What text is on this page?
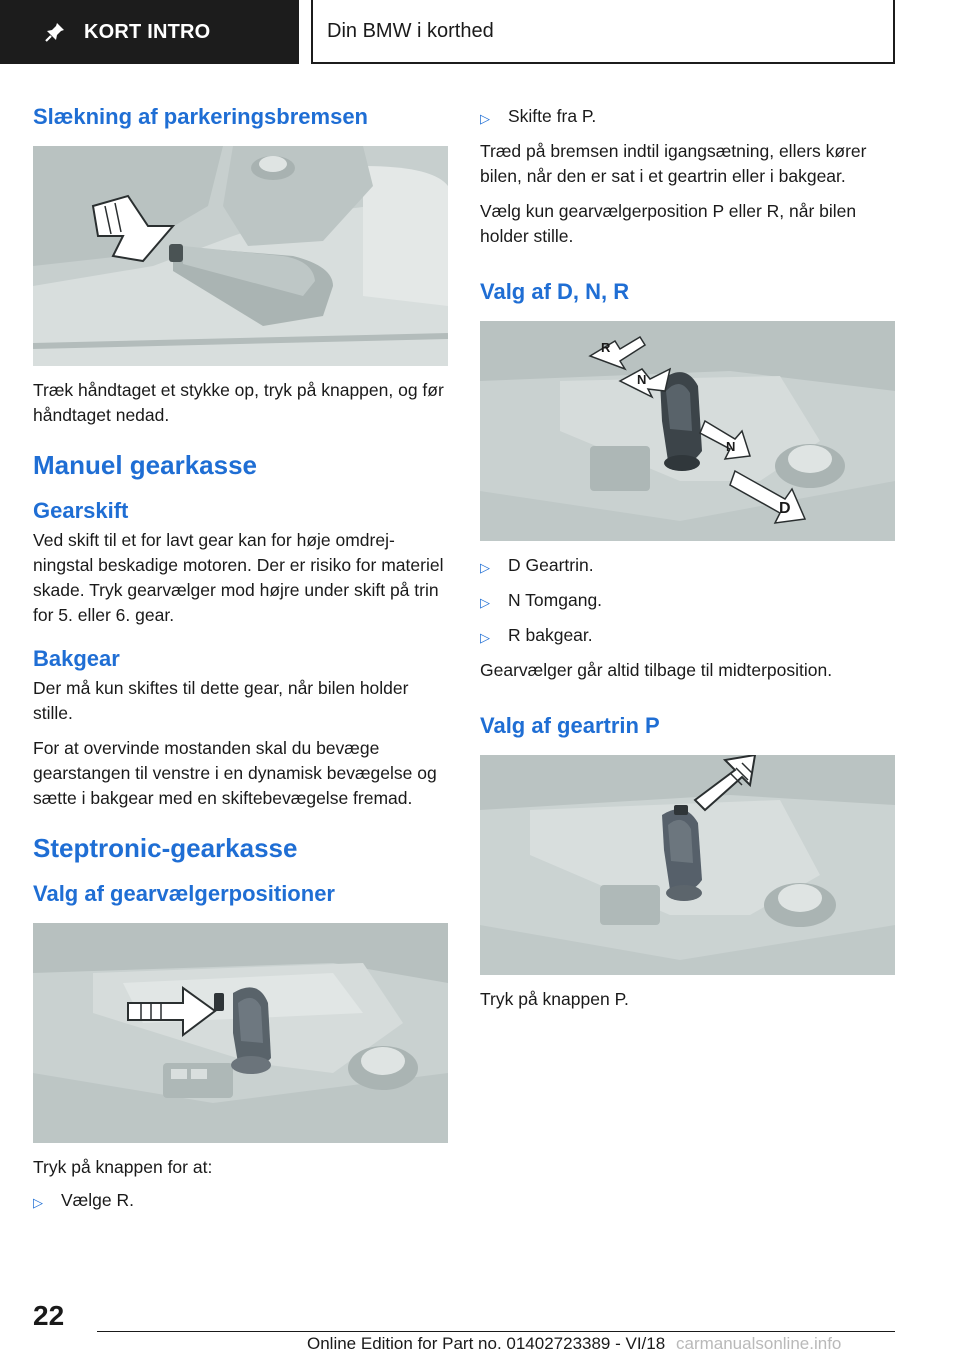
KORT INTRO	Din BMW i korthed
Slækning af parkeringsbremsen

Træk håndtaget et stykke op, tryk på knappen, og før håndtaget nedad.

Manuel gearkasse
Gearskift

Ved skift til et for lavt gear kan for høje omdrejningstal beskadige motoren. Der er risiko for materiel skade. Tryk gearvælger mod højre under skift på trin for 5. eller 6. gear.

Bakgear

Der må kun skiftes til dette gear, når bilen holder stille.

For at overvinde mostanden skal du bevæge gearstangen til venstre i en dynamisk bevægelse og sætte i bakgear med en skiftebevægelse fremad.

Steptronic-gearkasse
Valg af gearvælgerpositioner

Tryk på knappen for at:

▷	Vælge R.
▷	Skifte fra P.

Træd på bremsen indtil igangsætning, ellers kører bilen, når den er sat i et geartrin eller i bakgear.

Vælg kun gearvælgerposition P eller R, når bilen holder stille.

Valg af D, N, R
R
N
N
D
▷	D Geartrin.
▷	N Tomgang.
▷	R bakgear.

Gearvælger går altid tilbage til midterposition.

Valg af geartrin P

Tryk på knappen P.

22
Online Edition for Part no. 01402723389 - VI/18 carmanualsonline.info
